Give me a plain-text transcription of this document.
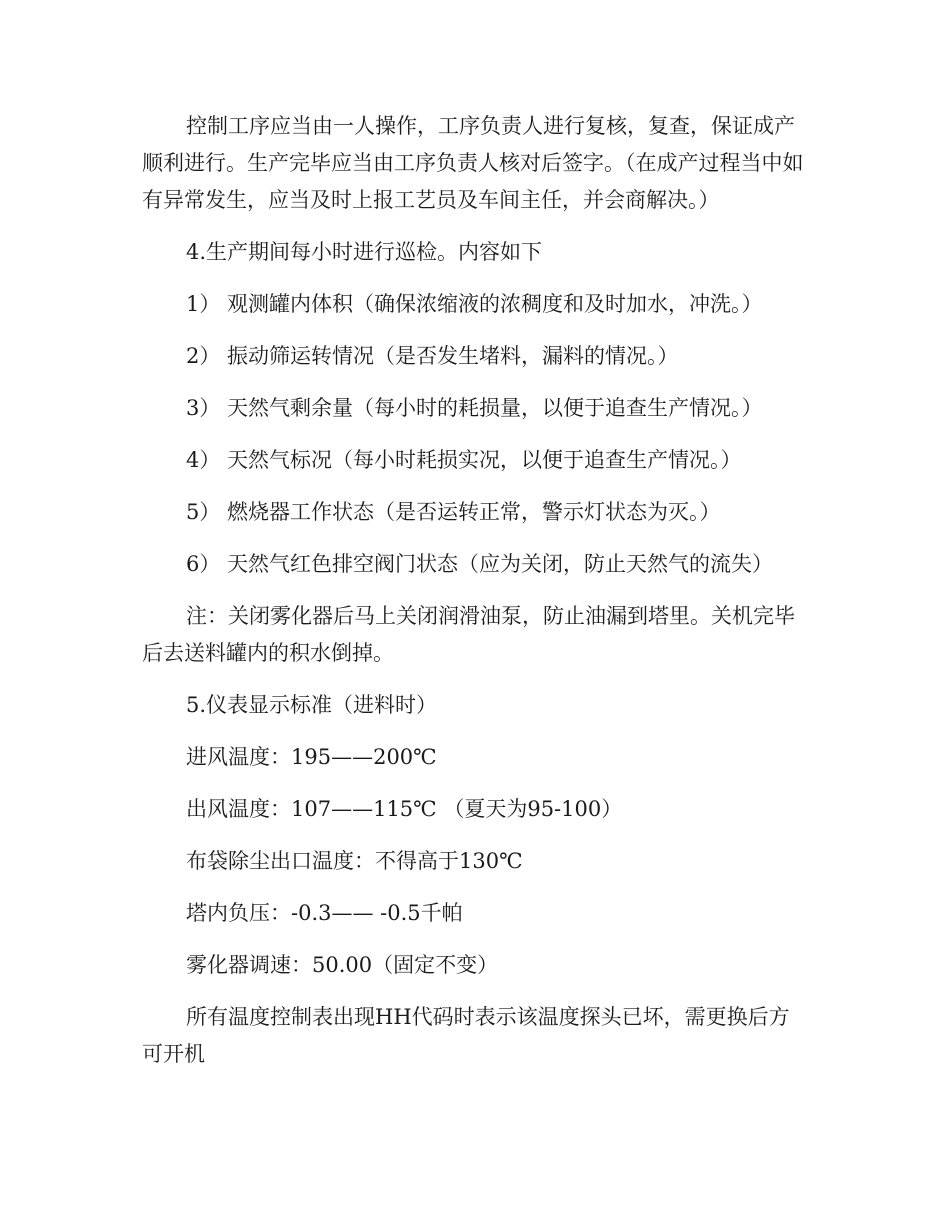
控制工序应当由一人操作，工序负责人进行复核，复查，保证成产顺利进行。生产完毕应当由工序负责人核对后签字。（在成产过程当中如有异常发生，应当及时上报工艺员及车间主任，并会商解决。）

4.生产期间每小时进行巡检。内容如下

1） 观测罐内体积（确保浓缩液的浓稠度和及时加水，冲洗。）

2） 振动筛运转情况（是否发生堵料，漏料的情况。）

3） 天然气剩余量（每小时的耗损量，以便于追查生产情况。）

4） 天然气标况（每小时耗损实况，以便于追查生产情况。）

5） 燃烧器工作状态（是否运转正常，警示灯状态为灭。）

6） 天然气红色排空阀门状态（应为关闭，防止天然气的流失）

注：关闭雾化器后马上关闭润滑油泵，防止油漏到塔里。关机完毕后去送料罐内的积水倒掉。

5.仪表显示标准（进料时）

进风温度：195——200℃

出风温度：107——115℃ （夏天为95-100）

布袋除尘出口温度：不得高于130℃

塔内负压：-0.3—— -0.5千帕

雾化器调速：50.00（固定不变）

所有温度控制表出现HH代码时表示该温度探头已坏，需更换后方可开机
